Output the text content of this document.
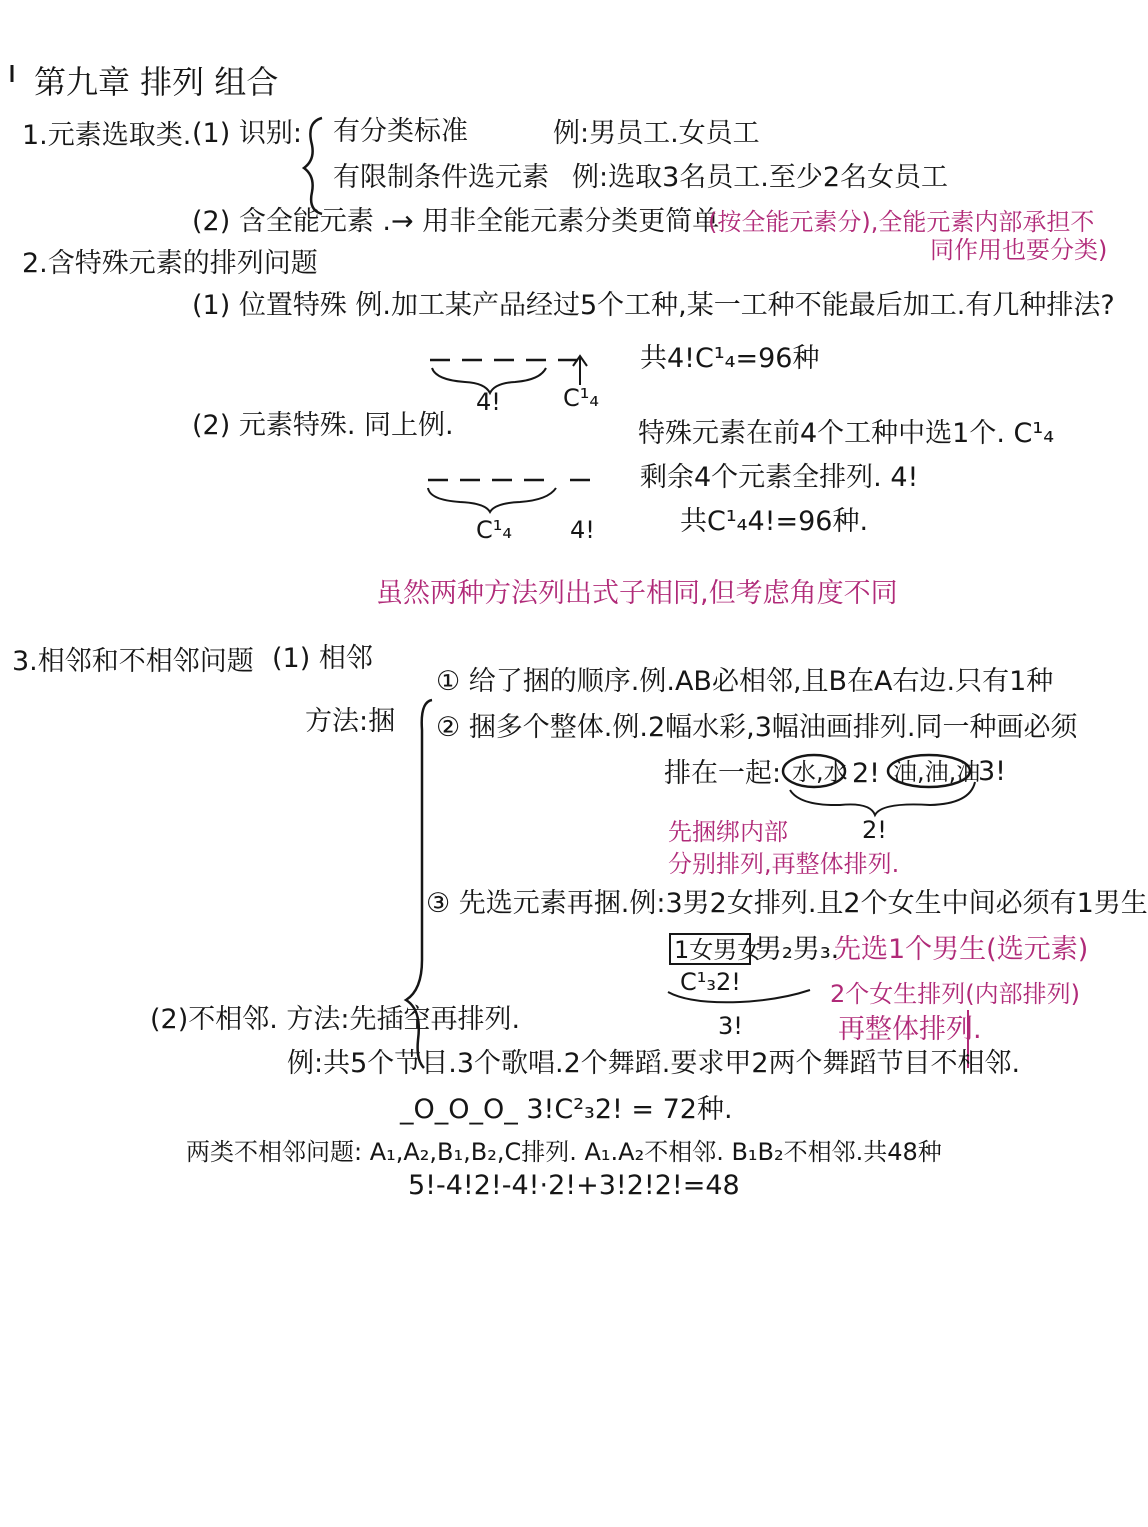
第九章 排列 组合
1.元素选取类. (1) 识别: 有分类标准	例:男员工.女员工
有限制条件选元素 例:选取3名员工.至少2名女员工
(2) 含全能元素 .→ 用非全能元素分类更简单
(按全能元素分),全能元素内部承担不
同作用也要分类)
2.含特殊元素的排列问题
(1) 位置特殊 例.加工某产品经过5个工种,某一工种不能最后加工.有几种排法?
共4!C¹₄=96种
4!	C¹₄
(2) 元素特殊. 同上例.	特殊元素在前4个工种中选1个. C¹₄
剩余4个元素全排列. 4!
共C¹₄4!=96种.
C¹₄ 4!
虽然两种方法列出式子相同,但考虑角度不同
3.相邻和不相邻问题 (1) 相邻
方法:捆
① 给了捆的顺序.例.AB必相邻,且B在A右边.只有1种
② 捆多个整体.例.2幅水彩,3幅油画排列.同一种画必须
排在一起: 水,水 2! 油,油,油
3!
2!
先捆绑内部
分别排列,再整体排列.
③ 先选元素再捆.例:3男2女排列.且2个女生中间必须有1男生
1女男女
男₂男₃.
先选1个男生(选元素)
2个女生排列(内部排列)
再整体排列.
C¹₃2!
3!
(2)不相邻. 方法:先插空再排列.
例:共5个节目.3个歌唱.2个舞蹈.要求甲2两个舞蹈节目不相邻.
_O_O_O_ 3!C²₃2! = 72种.
两类不相邻问题: A₁,A₂,B₁,B₂,C排列. A₁.A₂不相邻. B₁B₂不相邻.共48种
5!-4!2!-4!·2!+3!2!2!=48
